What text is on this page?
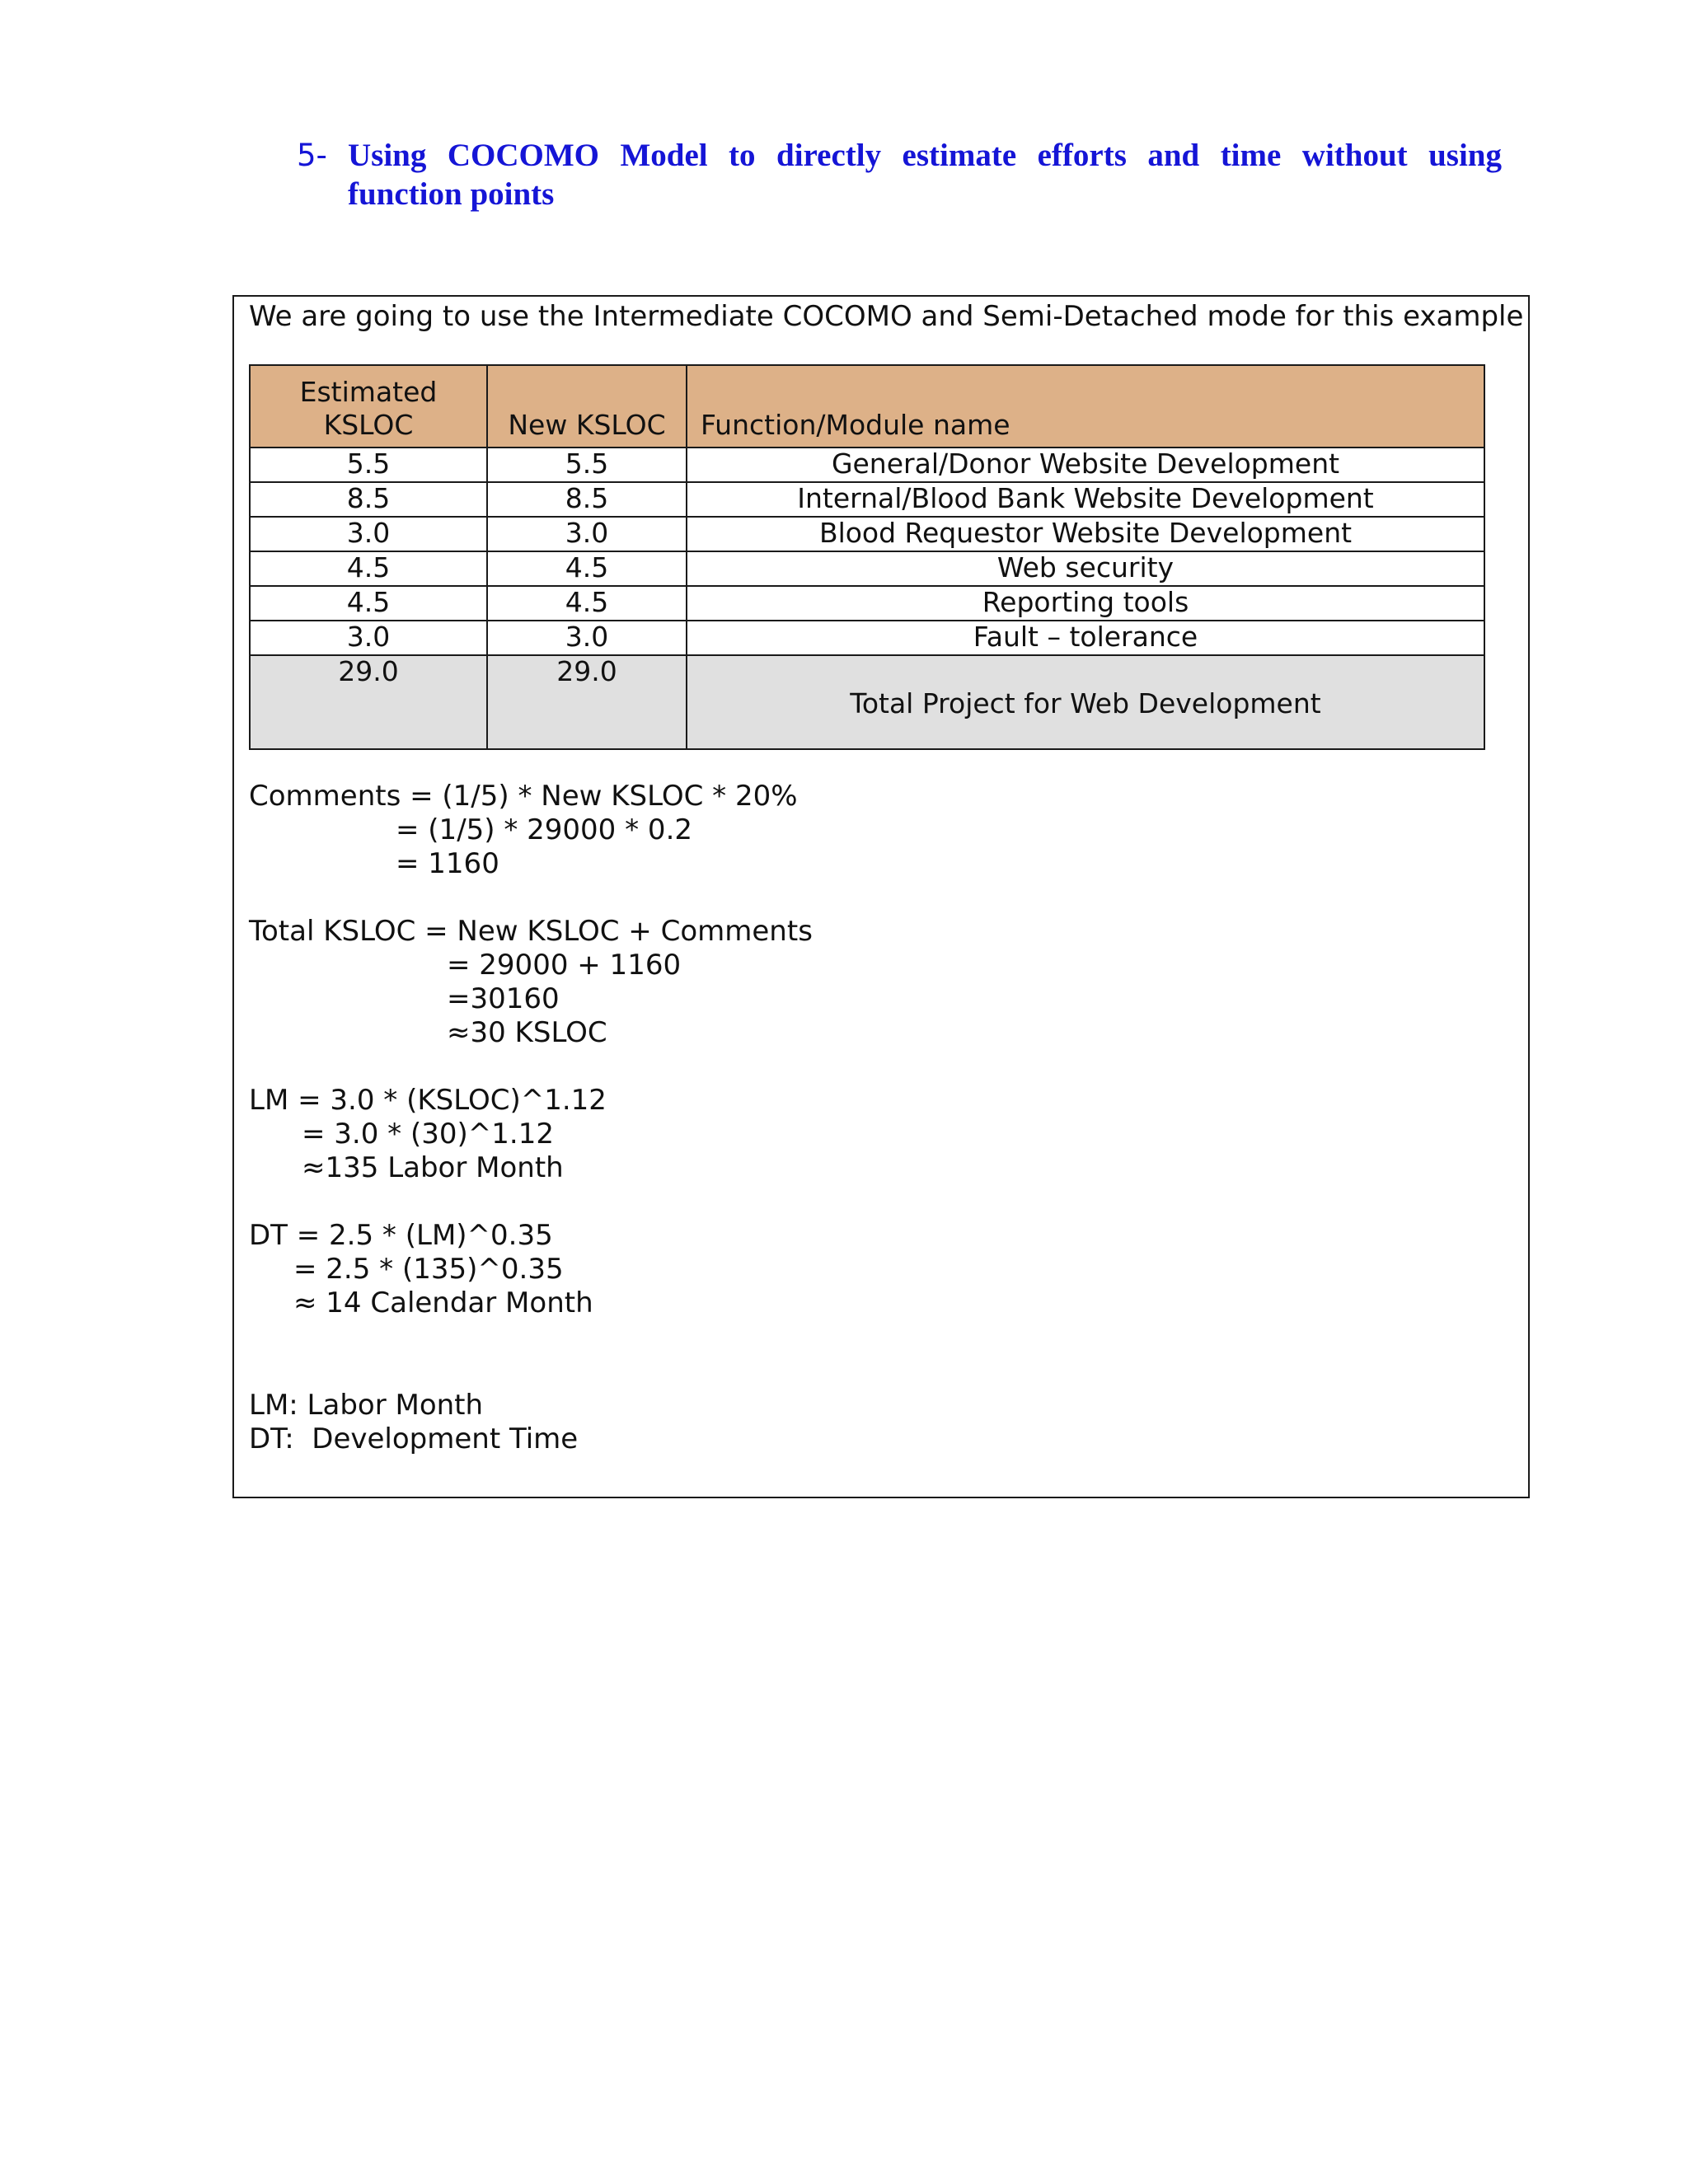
5- Using COCOMO Model to directly estimate efforts and time without using
function points
We are going to use the Intermediate COCOMO and Semi-Detached mode for this example
Estimated
KSLOC	New KSLOC	Function/Module name
5.5	5.5	General/Donor Website Development
8.5	8.5	Internal/Blood Bank Website Development
3.0	3.0	Blood Requestor Website Development
4.5	4.5	Web security
4.5	4.5	Reporting tools
3.0	3.0	Fault – tolerance
29.0	29.0	Total Project for Web Development
Comments = (1/5) * New KSLOC * 20%
= (1/5) * 29000 * 0.2
= 1160
Total KSLOC = New KSLOC + Comments
= 29000 + 1160
=30160
≈30 KSLOC
LM = 3.0 * (KSLOC)^1.12
= 3.0 * (30)^1.12
≈135 Labor Month
DT = 2.5 * (LM)^0.35
= 2.5 * (135)^0.35
≈ 14 Calendar Month
LM: Labor Month
DT:  Development Time
